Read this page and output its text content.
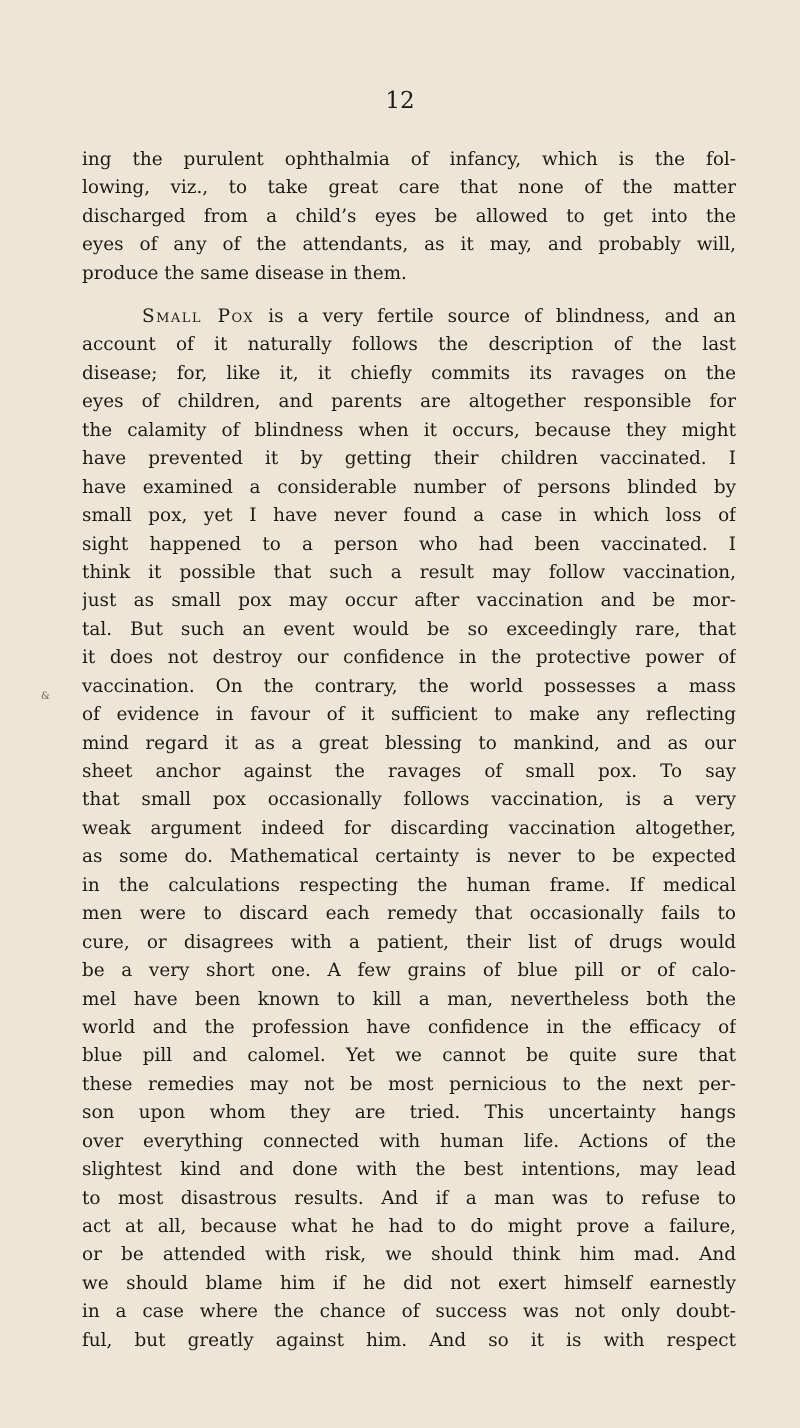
12
&
ing the purulent ophthalmia of infancy, which is the fol-
lowing, viz., to take great care that none of the matter
discharged from a child’s eyes be allowed to get into the
eyes of any of the attendants, as it may, and probably will,
produce the same disease in them.
Small Pox is a very fertile source of blindness, and an
account of it naturally follows the description of the last
disease; for, like it, it chiefly commits its ravages on the
eyes of children, and parents are altogether responsible for
the calamity of blindness when it occurs, because they might
have prevented it by getting their children vaccinated. I
have examined a considerable number of persons blinded by
small pox, yet I have never found a case in which loss of
sight happened to a person who had been vaccinated. I
think it possible that such a result may follow vaccination,
just as small pox may occur after vaccination and be mor-
tal. But such an event would be so exceedingly rare, that
it does not destroy our confidence in the protective power of
vaccination. On the contrary, the world possesses a mass
of evidence in favour of it sufficient to make any reflecting
mind regard it as a great blessing to mankind, and as our
sheet anchor against the ravages of small pox. To say
that small pox occasionally follows vaccination, is a very
weak argument indeed for discarding vaccination altogether,
as some do. Mathematical certainty is never to be expected
in the calculations respecting the human frame. If medical
men were to discard each remedy that occasionally fails to
cure, or disagrees with a patient, their list of drugs would
be a very short one. A few grains of blue pill or of calo-
mel have been known to kill a man, nevertheless both the
world and the profession have confidence in the efficacy of
blue pill and calomel. Yet we cannot be quite sure that
these remedies may not be most pernicious to the next per-
son upon whom they are tried. This uncertainty hangs
over everything connected with human life. Actions of the
slightest kind and done with the best intentions, may lead
to most disastrous results. And if a man was to refuse to
act at all, because what he had to do might prove a failure,
or be attended with risk, we should think him mad. And
we should blame him if he did not exert himself earnestly
in a case where the chance of success was not only doubt-
ful, but greatly against him. And so it is with respect
